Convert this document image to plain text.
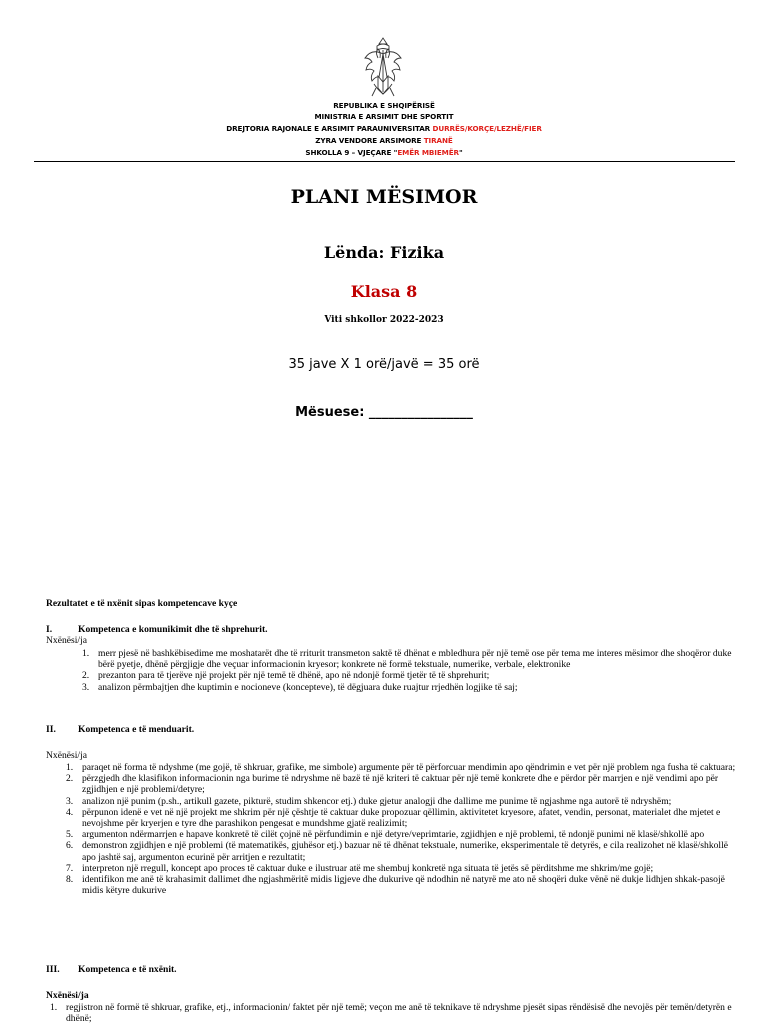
REPUBLIKA E SHQIPËRISË
MINISTRIA E ARSIMIT DHE SPORTIT
DREJTORIA RAJONALE E ARSIMIT PARAUNIVERSITAR DURRËS/KORÇE/LEZHË/FIER
ZYRA VENDORE ARSIMORE TIRANË
SHKOLLA 9 – VJEÇARE "EMËR MBIEMËR"
PLANI MËSIMOR
Lënda: Fizika
Klasa 8
Viti shkollor 2022-2023
35 jave X 1 orë/javë = 35 orë
Mësuese: ________________
Rezultatet e të nxënit sipas kompetencave kyçe
I.	Kompetenca e komunikimit dhe të shprehurit.
Nxënësi/ja
1. merr pjesë në bashkëbisedime me moshatarët dhe të rriturit transmeton saktë të dhënat e mbledhura për një temë ose për tema me interes mësimor dhe shoqëror duke bërë pyetje, dhënë përgjigje dhe veçuar informacionin kryesor; konkrete në formë tekstuale, numerike, verbale, elektronike
2. prezanton para të tjerëve një projekt për një temë të dhënë, apo në ndonjë formë tjetër të të shprehurit;
3. analizon përmbajtjen dhe kuptimin e nocioneve (koncepteve), të dëgjuara duke ruajtur rrjedhën logjike të saj;
II. Kompetenca e të menduarit.
Nxënësi/ja
1. paraqet në forma të ndyshme (me gojë, të shkruar, grafike, me simbole) argumente për të përforcuar mendimin apo qëndrimin e vet për një problem nga fusha të caktuara;
2. përzgjedh dhe klasifikon informacionin nga burime të ndryshme në bazë të një kriteri të caktuar për një temë konkrete dhe e përdor për marrjen e një vendimi apo për zgjidhjen e një problemi/detyre;
3. analizon një punim (p.sh., artikull gazete, pikturë, studim shkencor etj.) duke gjetur analogji dhe dallime me punime të ngjashme nga autorë të ndryshëm;
4. përpunon idenë e vet në një projekt me shkrim për një çështje të caktuar duke propozuar qëllimin, aktivitetet kryesore, afatet, vendin, personat, materialet dhe mjetet e nevojshme për kryerjen e tyre dhe parashikon pengesat e mundshme gjatë realizimit;
5. argumenton ndërmarrjen e hapave konkretë të cilët çojnë në përfundimin e një detyre/veprimtarie, zgjidhjen e një problemi, të ndonjë punimi në klasë/shkollë apo
6. demonstron zgjidhjen e një problemi (të matematikës, gjuhësor etj.) bazuar në të dhënat tekstuale, numerike, eksperimentale të detyrës, e cila realizohet në klasë/shkollë apo jashtë saj, argumenton ecurinë për arritjen e rezultatit;
7. interpreton një rregull, koncept apo proces të caktuar duke e ilustruar atë me shembuj konkretë nga situata të jetës së përditshme me shkrim/me gojë;
8. identifikon me anë të krahasimit dallimet dhe ngjashmëritë midis ligjeve dhe dukurive që ndodhin në natyrë me ato në shoqëri duke vënë në dukje lidhjen shkak-pasojë midis këtyre dukurive
III. Kompetenca e të nxënit.
Nxënësi/ja
1. regjistron në formë të shkruar, grafike, etj., informacionin/ faktet për një temë; veçon me anë të teknikave të ndryshme pjesët sipas rëndësisë dhe nevojës për temën/detyrën e dhënë;
